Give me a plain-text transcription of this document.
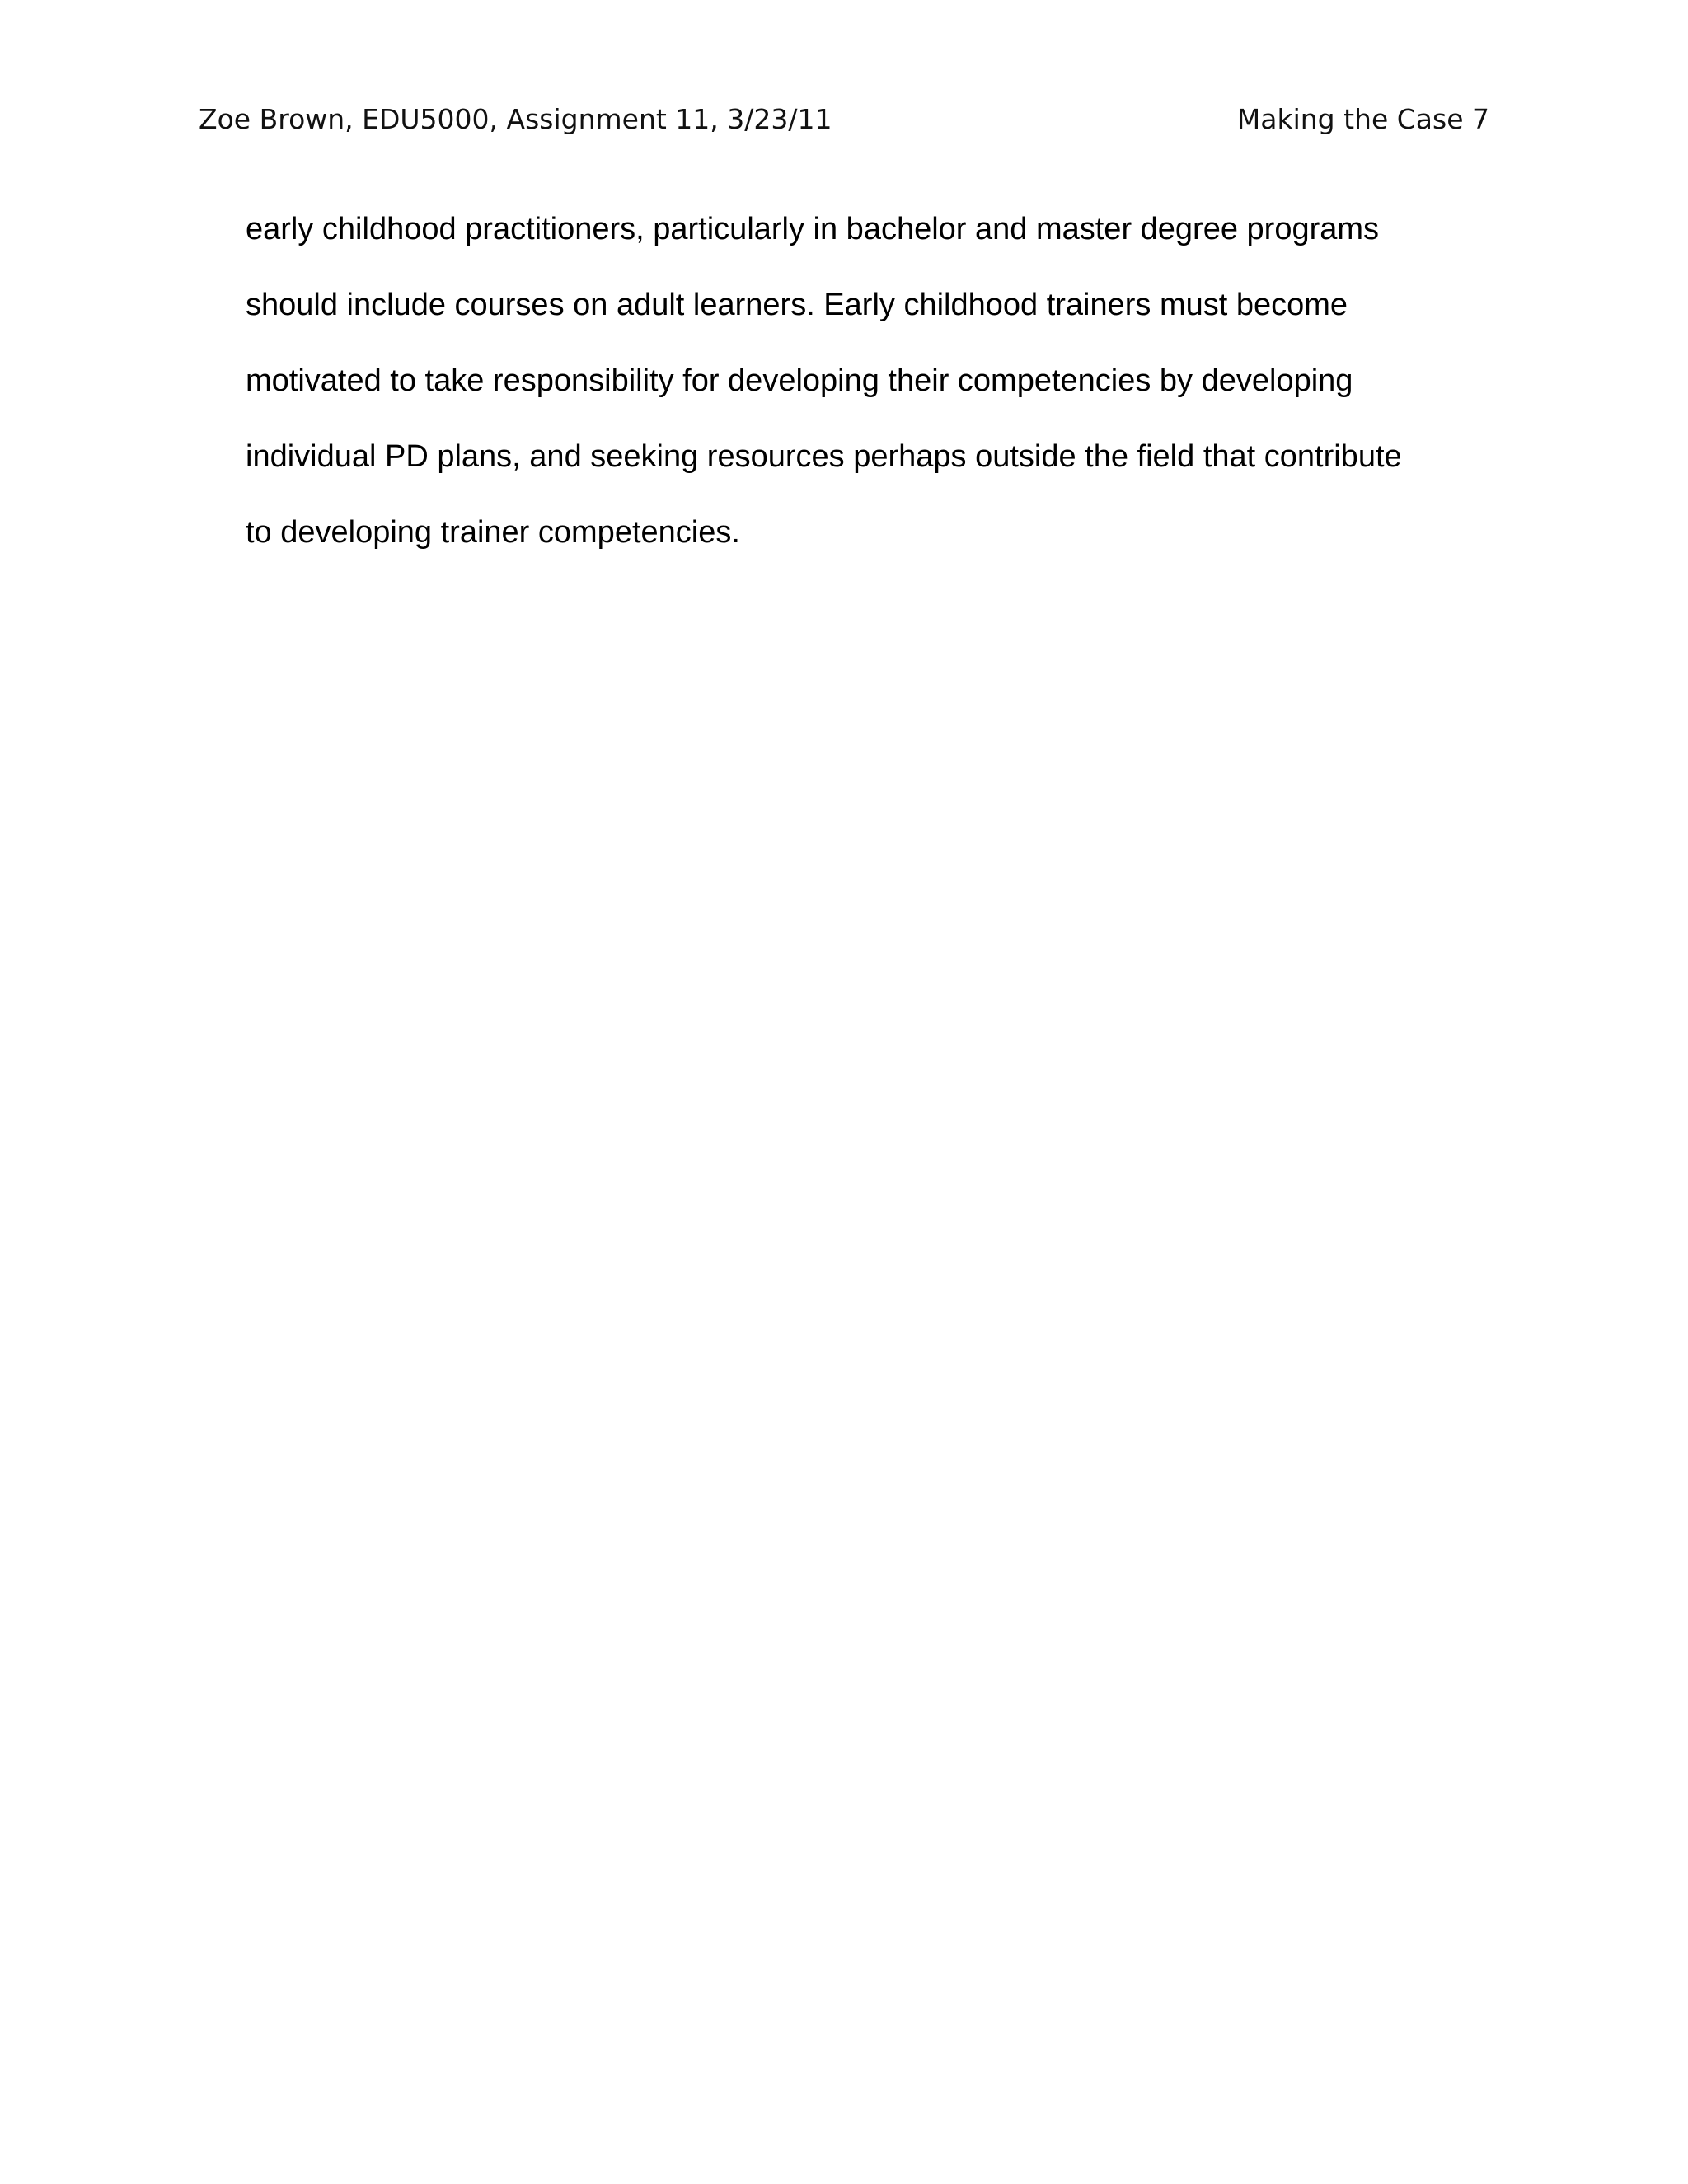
Zoe Brown, EDU5000, Assignment 11, 3/23/11	Making the Case 7
early childhood practitioners, particularly in bachelor and master degree programs
should include courses on adult learners. Early childhood trainers must become
motivated to take responsibility for developing their competencies by developing
individual PD plans, and seeking resources perhaps outside the field that contribute
to developing trainer competencies.
